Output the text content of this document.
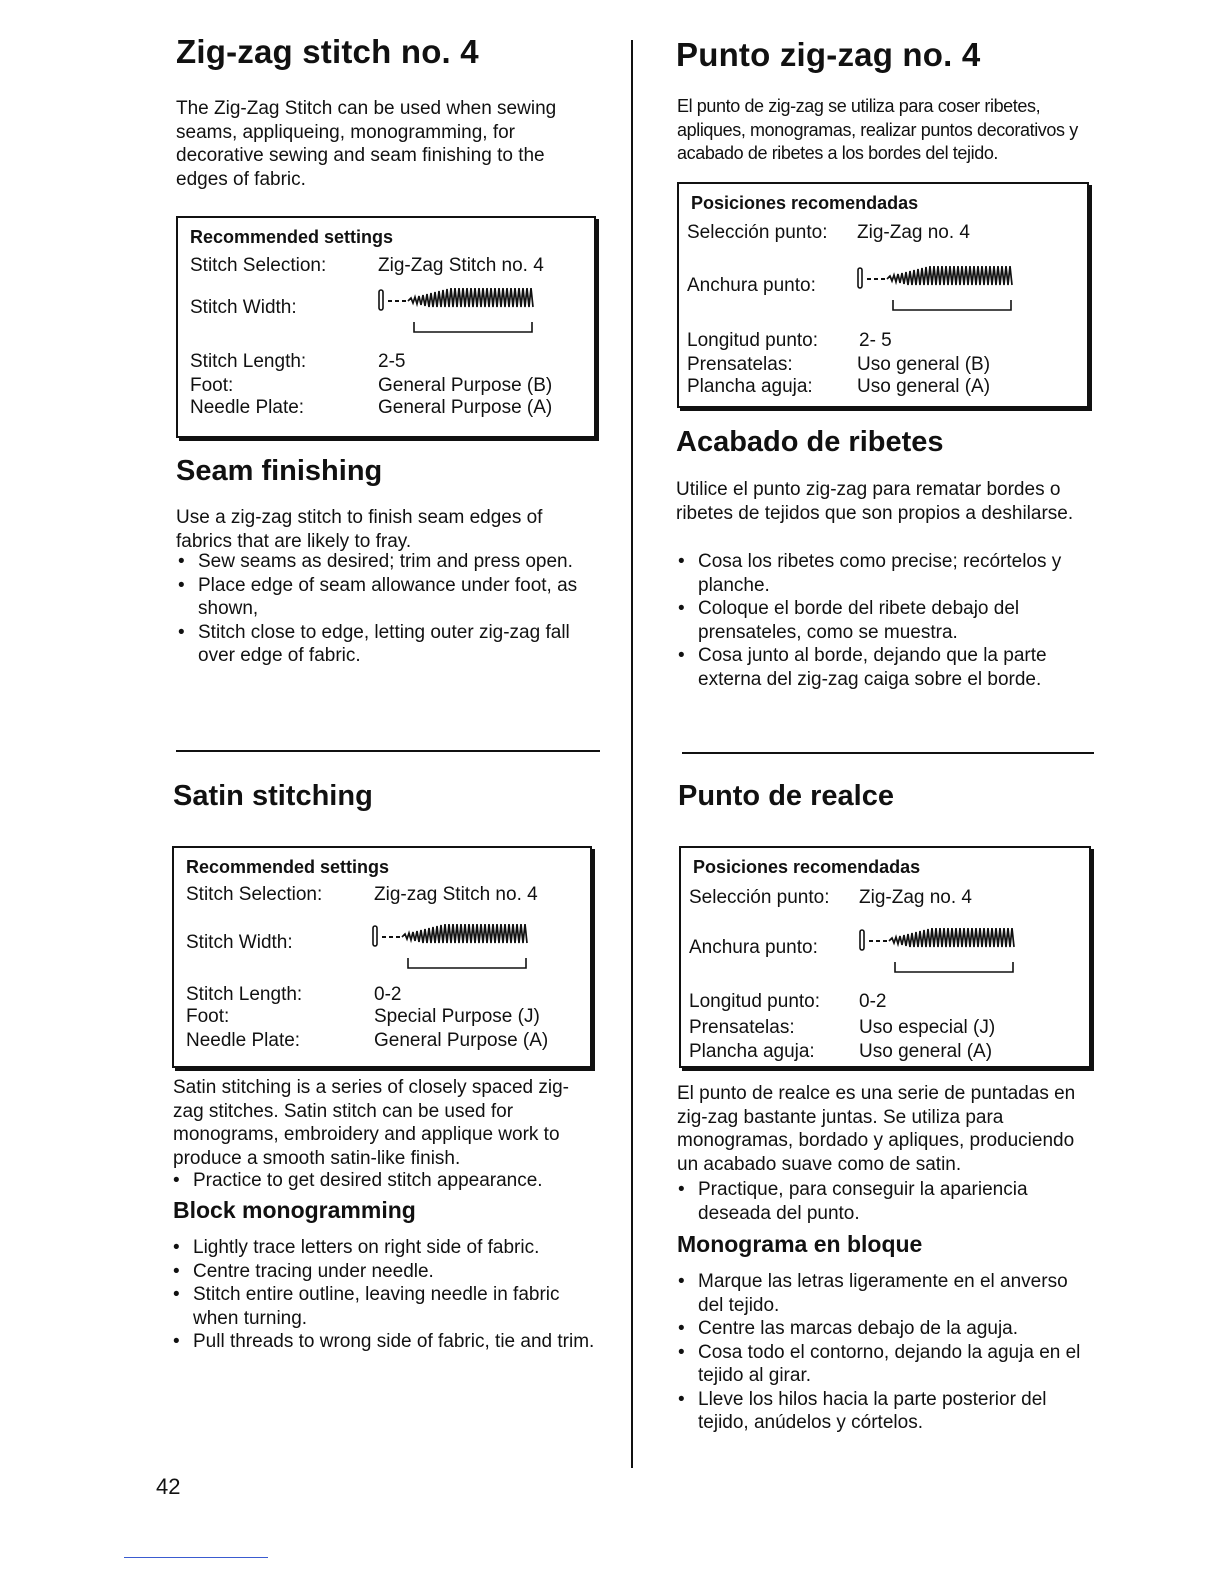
Zig-zag stitch no. 4

The Zig-Zag Stitch can be used when sewing seams, appliqueing, monogramming, for decorative sewing and seam finishing to the edges of fabric.

Recommended settings
Stitch Selection:	Zig-Zag Stitch no. 4
Stitch Width:
Stitch Length:	2-5
Foot:	General Purpose (B)
Needle Plate:	General Purpose (A)
Seam finishing

Use a zig-zag stitch to finish seam edges of fabrics that are likely to fray.

• Sew seams as desired; trim and press open.
• Place edge of seam allowance under foot, as shown,
• Stitch close to edge, letting outer zig-zag fall over edge of fabric.
Satin stitching
Recommended settings
Stitch Selection:	Zig-zag Stitch no. 4
Stitch Width:
Stitch Length:	0-2
Foot:	Special Purpose (J)
Needle Plate:	General Purpose (A)

Satin stitching is a series of closely spaced zig-zag stitches. Satin stitch can be used for monograms, embroidery and applique work to produce a smooth satin-like finish.

• Practice to get desired stitch appearance.
Block monogramming
• Lightly trace letters on right side of fabric.
• Centre tracing under needle.
• Stitch entire outline, leaving needle in fabric when turning.
• Pull threads to wrong side of fabric, tie and trim.
42
Punto zig-zag no. 4

El punto de zig-zag se utiliza para coser ribetes, apliques, monogramas, realizar puntos decorativos y acabado de ribetes a los bordes del tejido.

Posiciones recomendadas
Selección punto: Zig-Zag no. 4
Anchura punto:
Longitud punto: 2- 5
Prensatelas:	Uso general (B)
Plancha aguja: Uso general (A)
Acabado de ribetes

Utilice el punto zig-zag para rematar bordes o ribetes de tejidos que son propios a deshilarse.

• Cosa los ribetes como precise; recórtelos y planche.
• Coloque el borde del ribete debajo del prensateles, como se muestra.
• Cosa junto al borde, dejando que la parte externa del zig-zag caiga sobre el borde.
Punto de realce
Posiciones recomendadas
Selección punto: Zig-Zag no. 4
Anchura punto:
Longitud punto: 0-2
Prensatelas:	Uso especial (J)
Plancha aguja: Uso general (A)

El punto de realce es una serie de puntadas en zig-zag bastante juntas. Se utiliza para monogramas, bordado y apliques, produciendo un acabado suave como de satin.

• Practique, para conseguir la apariencia deseada del punto.
Monograma en bloque
• Marque las letras ligeramente en el anverso del tejido.
• Centre las marcas debajo de la aguja.
• Cosa todo el contorno, dejando la aguja en el tejido al girar.
• Lleve los hilos hacia la parte posterior del tejido, anúdelos y córtelos.
